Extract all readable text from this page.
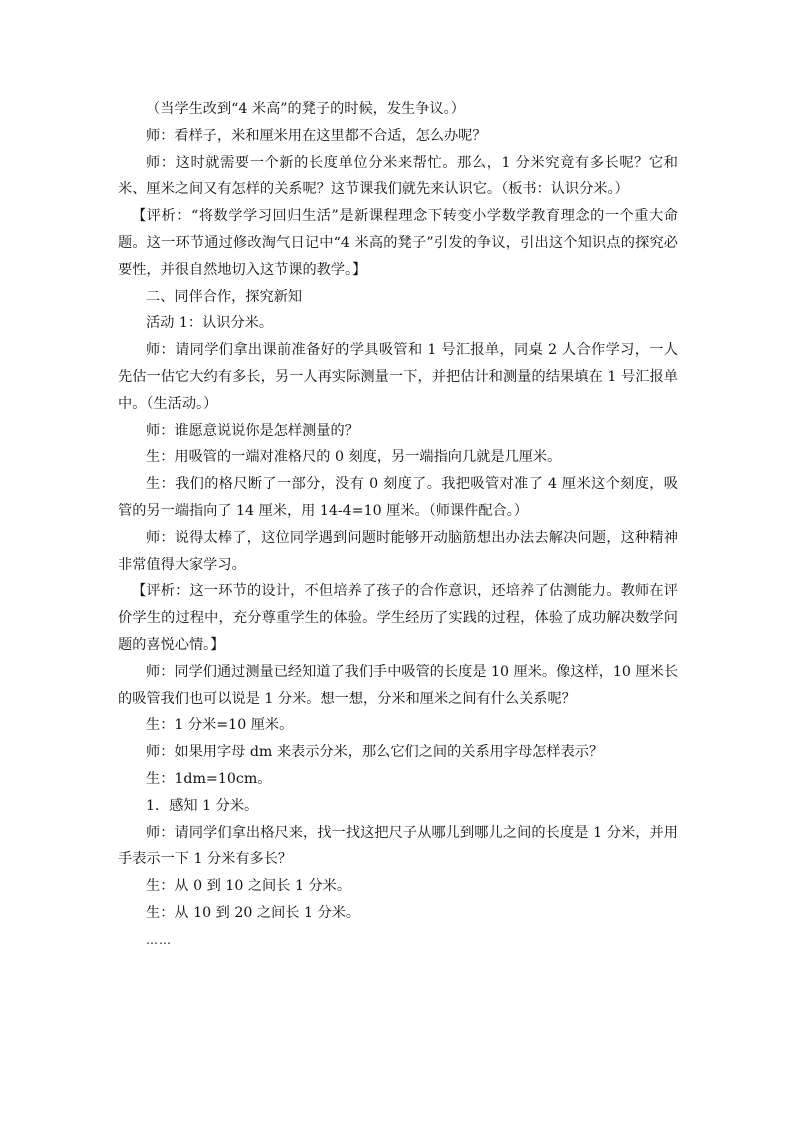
（当学生改到“4 米高”的凳子的时候，发生争议。）

师：看样子，米和厘米用在这里都不合适，怎么办呢？

师：这时就需要一个新的长度单位分米来帮忙。那么，1 分米究竟有多长呢？它和米、厘米之间又有怎样的关系呢？这节课我们就先来认识它。（板书：认识分米。）

【评析：“将数学学习回归生活”是新课程理念下转变小学数学教育理念的一个重大命题。这一环节通过修改淘气日记中“4 米高的凳子”引发的争议，引出这个知识点的探究必要性，并很自然地切入这节课的教学。】

二、同伴合作，探究新知

活动 1：认识分米。

师：请同学们拿出课前准备好的学具吸管和 1 号汇报单，同桌 2 人合作学习，一人先估一估它大约有多长，另一人再实际测量一下，并把估计和测量的结果填在 1 号汇报单中。（生活动。）

师：谁愿意说说你是怎样测量的？

生：用吸管的一端对准格尺的 0 刻度，另一端指向几就是几厘米。

生：我们的格尺断了一部分，没有 0 刻度了。我把吸管对准了 4 厘米这个刻度，吸管的另一端指向了 14 厘米，用 14-4=10 厘米。（师课件配合。）

师：说得太棒了，这位同学遇到问题时能够开动脑筋想出办法去解决问题，这种精神非常值得大家学习。

【评析：这一环节的设计，不但培养了孩子的合作意识，还培养了估测能力。教师在评价学生的过程中，充分尊重学生的体验。学生经历了实践的过程，体验了成功解决数学问题的喜悦心情。】

师：同学们通过测量已经知道了我们手中吸管的长度是 10 厘米。像这样，10 厘米长的吸管我们也可以说是 1 分米。想一想，分米和厘米之间有什么关系呢？

生：1 分米=10 厘米。

师：如果用字母 dm 来表示分米，那么它们之间的关系用字母怎样表示？

生：1dm=10cm。

1．感知 1 分米。

师：请同学们拿出格尺来，找一找这把尺子从哪儿到哪儿之间的长度是 1 分米，并用手表示一下 1 分米有多长？

生：从 0 到 10 之间长 1 分米。

生：从 10 到 20 之间长 1 分米。

……
